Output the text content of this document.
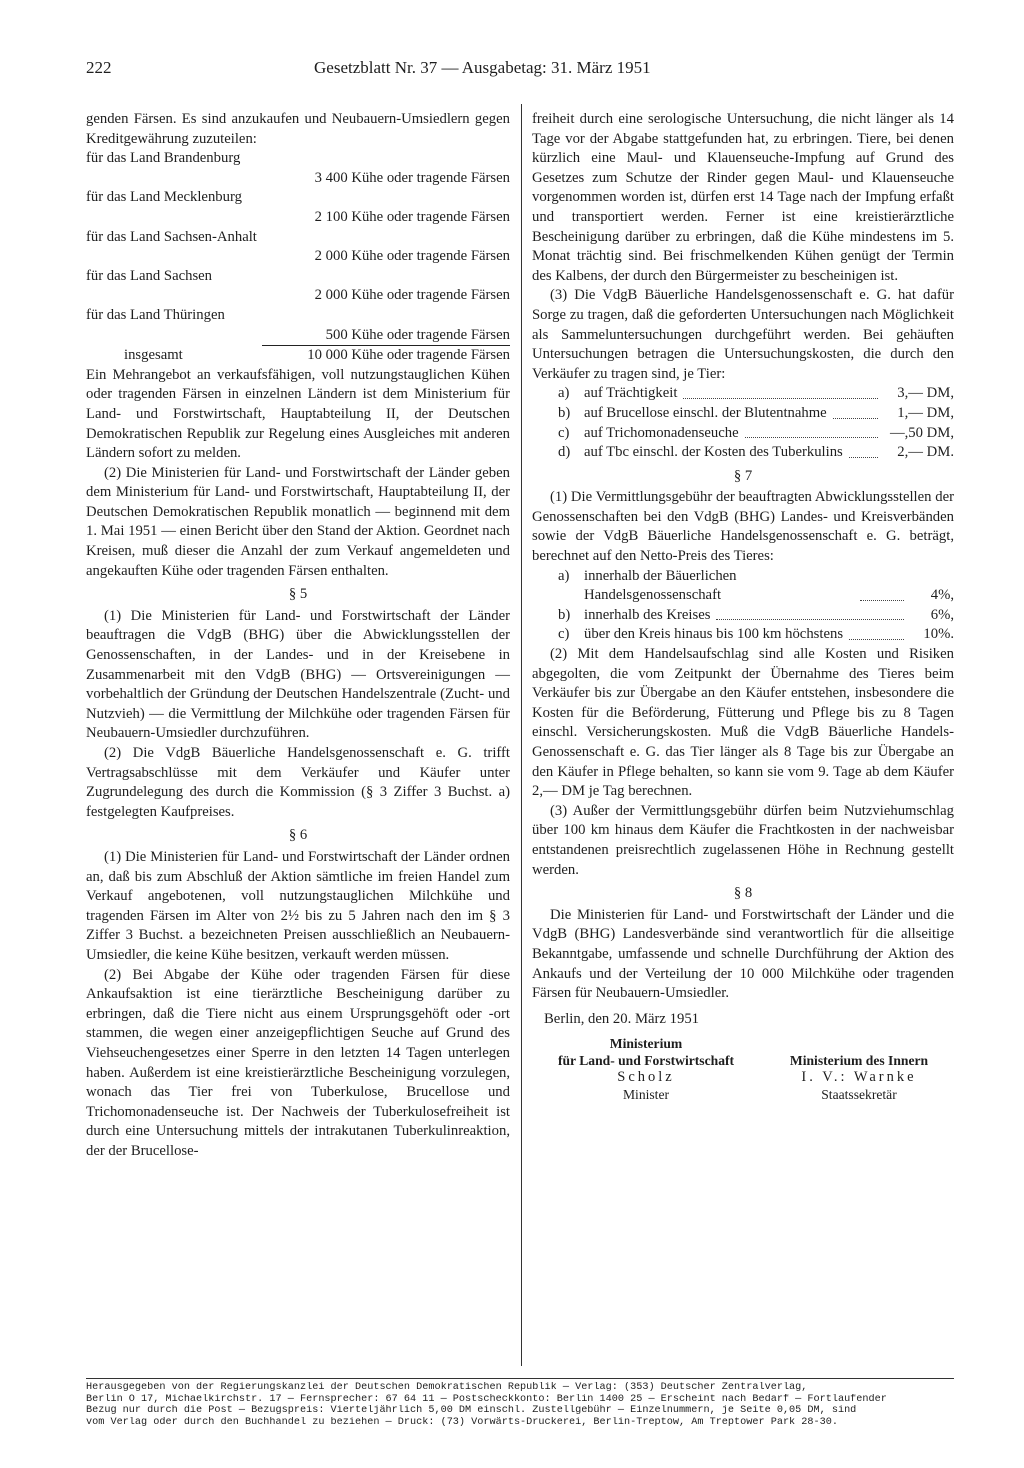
222	Gesetzblatt Nr. 37 — Ausgabetag: 31. März 1951

genden Färsen. Es sind anzukaufen und Neubauern-Umsiedlern gegen Kreditgewährung zuzuteilen:

für das Land Brandenburg
3 400 Kühe oder tragende Färsen
für das Land Mecklenburg
2 100 Kühe oder tragende Färsen
für das Land Sachsen-Anhalt
2 000 Kühe oder tragende Färsen
für das Land Sachsen
2 000 Kühe oder tragende Färsen
für das Land Thüringen
500 Kühe oder tragende Färsen
insgesamt	10 000 Kühe oder tragende Färsen

Ein Mehrangebot an verkaufsfähigen, voll nutzungstauglichen Kühen oder tragenden Färsen in einzelnen Ländern ist dem Ministerium für Land- und Forstwirtschaft, Hauptabteilung II, der Deutschen Demokratischen Republik zur Regelung eines Ausgleiches mit anderen Ländern sofort zu melden.

(2) Die Ministerien für Land- und Forstwirtschaft der Länder geben dem Ministerium für Land- und Forstwirtschaft, Hauptabteilung II, der Deutschen Demokratischen Republik monatlich — beginnend mit dem 1. Mai 1951 — einen Bericht über den Stand der Aktion. Geordnet nach Kreisen, muß dieser die Anzahl der zum Verkauf angemeldeten und angekauften Kühe oder tragenden Färsen enthalten.

§ 5

(1) Die Ministerien für Land- und Forstwirtschaft der Länder beauftragen die VdgB (BHG) über die Abwicklungsstellen der Genossenschaften, in der Landes- und in der Kreisebene in Zusammenarbeit mit den VdgB (BHG) — Ortsvereinigungen — vorbehaltlich der Gründung der Deutschen Handelszentrale (Zucht- und Nutzvieh) — die Vermittlung der Milchkühe oder tragenden Färsen für Neubauern-Umsiedler durchzuführen.

(2) Die VdgB Bäuerliche Handelsgenossenschaft e. G. trifft Vertragsabschlüsse mit dem Verkäufer und Käufer unter Zugrundelegung des durch die Kommission (§ 3 Ziffer 3 Buchst. a) festgelegten Kaufpreises.

§ 6

(1) Die Ministerien für Land- und Forstwirtschaft der Länder ordnen an, daß bis zum Abschluß der Aktion sämtliche im freien Handel zum Verkauf angebotenen, voll nutzungstauglichen Milchkühe und tragenden Färsen im Alter von 2½ bis zu 5 Jahren nach den im § 3 Ziffer 3 Buchst. a bezeichneten Preisen ausschließlich an Neubauern-Umsiedler, die keine Kühe besitzen, verkauft werden müssen.

(2) Bei Abgabe der Kühe oder tragenden Färsen für diese Ankaufsaktion ist eine tierärztliche Bescheinigung darüber zu erbringen, daß die Tiere nicht aus einem Ursprungsgehöft oder -ort stammen, die wegen einer anzeigepflichtigen Seuche auf Grund des Viehseuchengesetzes einer Sperre in den letzten 14 Tagen unterlegen haben. Außerdem ist eine kreistierärztliche Bescheinigung vorzulegen, wonach das Tier frei von Tuberkulose, Brucellose und Trichomonadenseuche ist. Der Nachweis der Tuberkulosefreiheit ist durch eine Untersuchung mittels der intrakutanen Tuberkulinreaktion, der der Brucellose-

freiheit durch eine serologische Untersuchung, die nicht länger als 14 Tage vor der Abgabe stattgefunden hat, zu erbringen. Tiere, bei denen kürzlich eine Maul- und Klauenseuche-Impfung auf Grund des Gesetzes zum Schutze der Rinder gegen Maul- und Klauenseuche vorgenommen worden ist, dürfen erst 14 Tage nach der Impfung erfaßt und transportiert werden. Ferner ist eine kreistierärztliche Bescheinigung darüber zu erbringen, daß die Kühe mindestens im 5. Monat trächtig sind. Bei frischmelkenden Kühen genügt der Termin des Kalbens, der durch den Bürgermeister zu bescheinigen ist.

(3) Die VdgB Bäuerliche Handelsgenossenschaft e. G. hat dafür Sorge zu tragen, daß die geforderten Untersuchungen nach Möglichkeit als Sammeluntersuchungen durchgeführt werden. Bei gehäuften Untersuchungen betragen die Untersuchungskosten, die durch den Verkäufer zu tragen sind, je Tier:

a) auf Trächtigkeit	3,— DM,
b) auf Brucellose einschl. der Blutentnahme	1,— DM,
c) auf Trichomonadenseuche	—,50 DM,
d) auf Tbc einschl. der Kosten des Tuberkulins	2,— DM.
§ 7

(1) Die Vermittlungsgebühr der beauftragten Abwicklungsstellen der Genossenschaften bei den VdgB (BHG) Landes- und Kreisverbänden sowie der VdgB Bäuerliche Handelsgenossenschaft e. G. beträgt, berechnet auf den Netto-Preis des Tieres:

a) innerhalb der Bäuerlichen Handelsgenossenschaft	4%,
b) innerhalb des Kreises	6%,
c) über den Kreis hinaus bis 100 km höchstens	10%.

(2) Mit dem Handelsaufschlag sind alle Kosten und Risiken abgegolten, die vom Zeitpunkt der Übernahme des Tieres beim Verkäufer bis zur Übergabe an den Käufer entstehen, insbesondere die Kosten für die Beförderung, Fütterung und Pflege bis zu 8 Tagen einschl. Versicherungskosten. Muß die VdgB Bäuerliche Handels-Genossenschaft e. G. das Tier länger als 8 Tage bis zur Übergabe an den Käufer in Pflege behalten, so kann sie vom 9. Tage ab dem Käufer 2,— DM je Tag berechnen.

(3) Außer der Vermittlungsgebühr dürfen beim Nutzviehumschlag über 100 km hinaus dem Käufer die Frachtkosten in der nachweisbar entstandenen preisrechtlich zugelassenen Höhe in Rechnung gestellt werden.

§ 8

Die Ministerien für Land- und Forstwirtschaft der Länder und die VdgB (BHG) Landesverbände sind verantwortlich für die allseitige Bekanntgabe, umfassende und schnelle Durchführung der Aktion des Ankaufs und der Verteilung der 10 000 Milchkühe oder tragenden Färsen für Neubauern-Umsiedler.

Berlin, den 20. März 1951
Ministerium
für Land- und Forstwirtschaft
Scholz
Minister

Ministerium des Innern
I. V.: Warnke
Staatssekretär
Herausgegeben von der Regierungskanzlei der Deutschen Demokratischen Republik — Verlag: (353) Deutscher Zentralverlag,
Berlin O 17, Michaelkirchstr. 17 — Fernsprecher: 67 64 11 — Postscheckkonto: Berlin 1400 25 — Erscheint nach Bedarf — Fortlaufender
Bezug nur durch die Post — Bezugspreis: Vierteljährlich 5,00 DM einschl. Zustellgebühr — Einzelnummern, je Seite 0,05 DM, sind
vom Verlag oder durch den Buchhandel zu beziehen — Druck: (73) Vorwärts-Druckerei, Berlin-Treptow, Am Treptower Park 28-30.
